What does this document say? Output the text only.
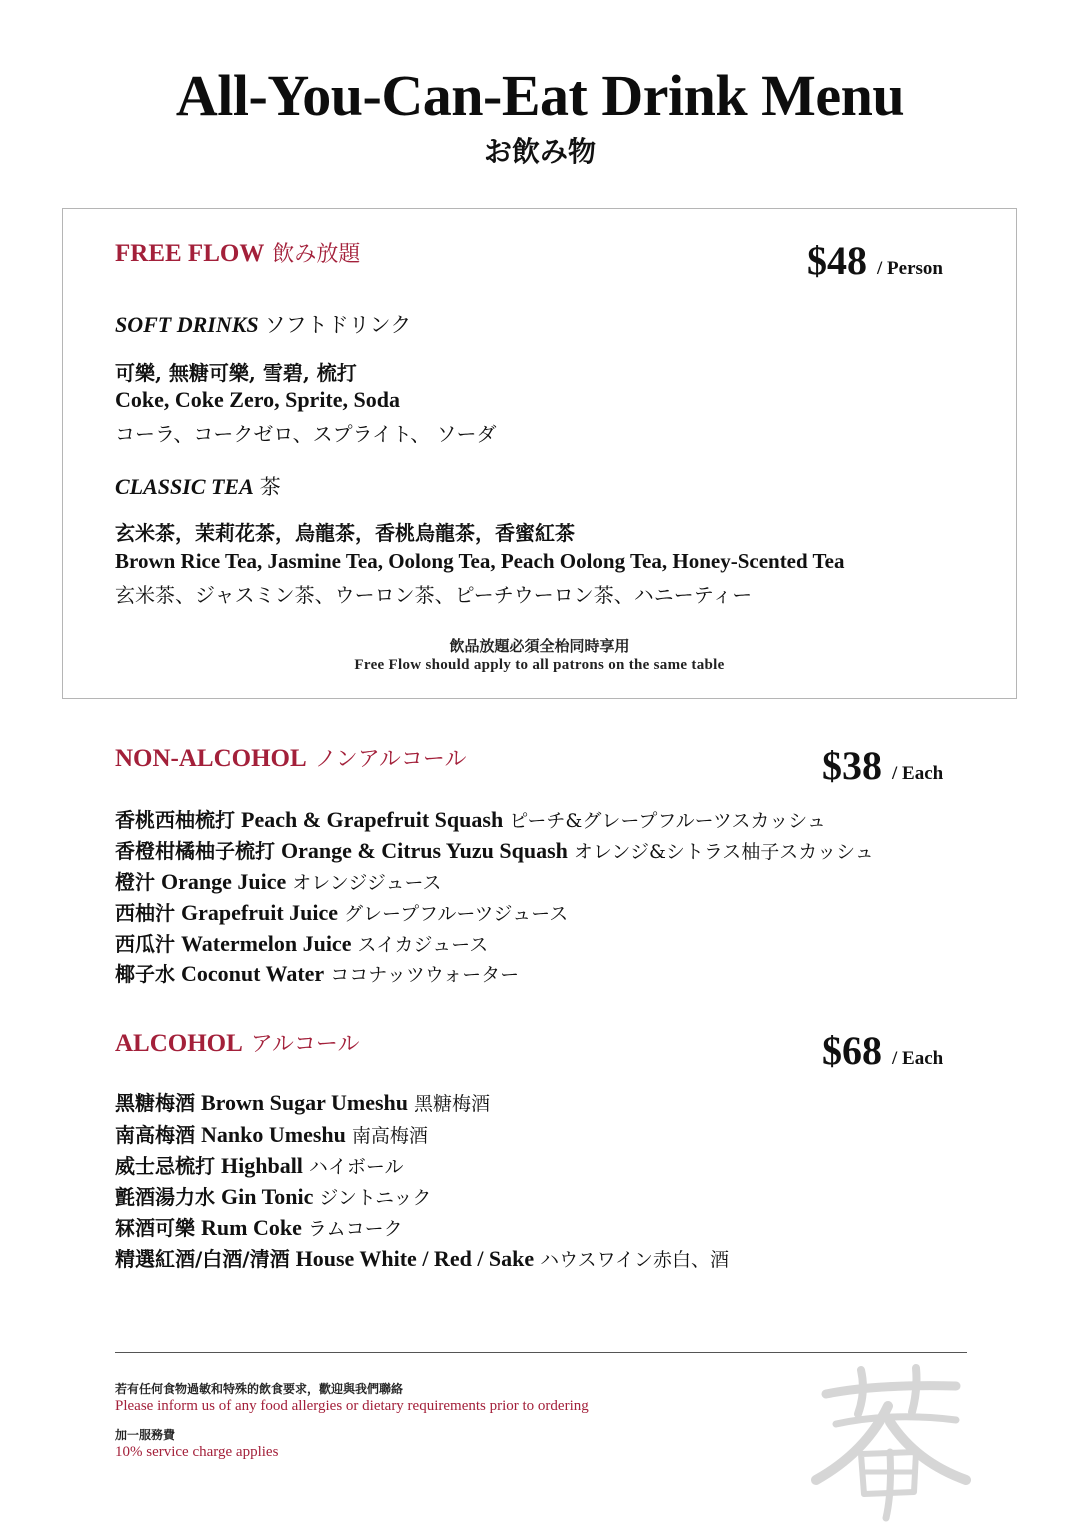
All-You-Can-Eat Drink Menu
お飲み物
FREE FLOW 飲み放題	$48 / Person
SOFT DRINKS ソフトドリンク
可樂, 無糖可樂, 雪碧, 梳打
Coke, Coke Zero, Sprite, Soda
コーラ、コークゼロ、スプライト、 ソーダ
CLASSIC TEA 茶
玄米茶，茉莉花茶，烏龍茶，香桃烏龍茶，香蜜紅茶
Brown Rice Tea, Jasmine Tea, Oolong Tea, Peach Oolong Tea, Honey-Scented Tea
玄米茶、ジャスミン茶、ウーロン茶、ピーチウーロン茶、ハニーティー
飲品放題必須全枱同時享用
Free Flow should apply to all patrons on the same table
NON-ALCOHOL ノンアルコール	$38 / Each
香桃西柚梳打 Peach & Grapefruit Squash ピーチ&グレープフルーツスカッシュ
香橙柑橘柚子梳打 Orange & Citrus Yuzu Squash オレンジ&シトラス柚子スカッシュ
橙汁 Orange Juice オレンジジュース
西柚汁 Grapefruit Juice グレープフルーツジュース
西瓜汁 Watermelon Juice スイカジュース
椰子水 Coconut Water ココナッツウォーター
ALCOHOL アルコール	$68 / Each
黑糖梅酒 Brown Sugar Umeshu 黑糖梅酒
南高梅酒 Nanko Umeshu 南高梅酒
威士忌梳打 Highball ハイボール
氈酒湯力水 Gin Tonic ジントニック
冧酒可樂 Rum Coke ラムコーク
精選紅酒/白酒/清酒 House White / Red / Sake ハウスワイン赤白、酒
若有任何食物過敏和特殊的飲食要求，歡迎與我們聯絡
Please inform us of any food allergies or dietary requirements prior to ordering
加一服務費
10% service charge applies
